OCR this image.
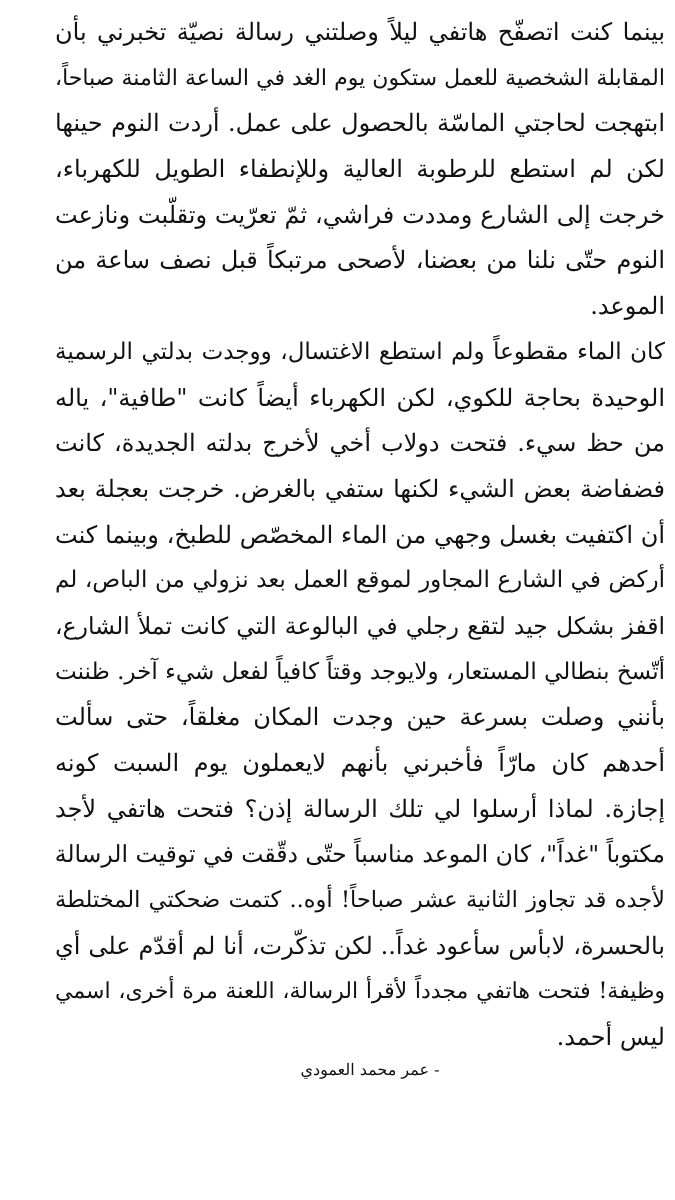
بينما كنت اتصفّح هاتفي ليلاً وصلتني رسالة نصيّة تخبرني بأن
المقابلة الشخصية للعمل ستكون يوم الغد في الساعة الثامنة صباحاً،
ابتهجت لحاجتي الماسّة بالحصول على عمل. أردت النوم حينها
لكن لم استطع للرطوبة العالية وللإنطفاء الطويل للكهرباء،
خرجت إلى الشارع ومددت فراشي، ثمّ تعرّيت وتقلّبت ونازعت
النوم حتّى نلنا من بعضنا، لأصحى مرتبكاً قبل نصف ساعة من
الموعد.
كان الماء مقطوعاً ولم استطع الاغتسال، ووجدت بدلتي الرسمية
الوحيدة بحاجة للكوي، لكن الكهرباء أيضاً كانت "طافية"، ياله
من حظ سيء. فتحت دولاب أخي لأخرج بدلته الجديدة، كانت
فضفاضة بعض الشيء لكنها ستفي بالغرض. خرجت بعجلة بعد
أن اكتفيت بغسل وجهي من الماء المخصّص للطبخ، وبينما كنت
أركض في الشارع المجاور لموقع العمل بعد نزولي من الباص، لم
اقفز بشكل جيد لتقع رجلي في البالوعة التي كانت تملأ الشارع،
أتّسخ بنطالي المستعار، ولايوجد وقتاً كافياً لفعل شيء آخر. ظننت
بأنني وصلت بسرعة حين وجدت المكان مغلقاً، حتى سألت
أحدهم كان مارّاً فأخبرني بأنهم لايعملون يوم السبت كونه
إجازة. لماذا أرسلوا لي تلك الرسالة إذن؟ فتحت هاتفي لأجد
مكتوباً "غداً"، كان الموعد مناسباً حتّى دقّقت في توقيت الرسالة
لأجده قد تجاوز الثانية عشر صباحاً! أوه.. كتمت ضحكتي المختلطة
بالحسرة، لابأس سأعود غداً.. لكن تذكّرت، أنا لم أقدّم على أي
وظيفة! فتحت هاتفي مجدداً لأقرأ الرسالة، اللعنة مرة أخرى، اسمي
ليس أحمد.
- عمر محمد العمودي
